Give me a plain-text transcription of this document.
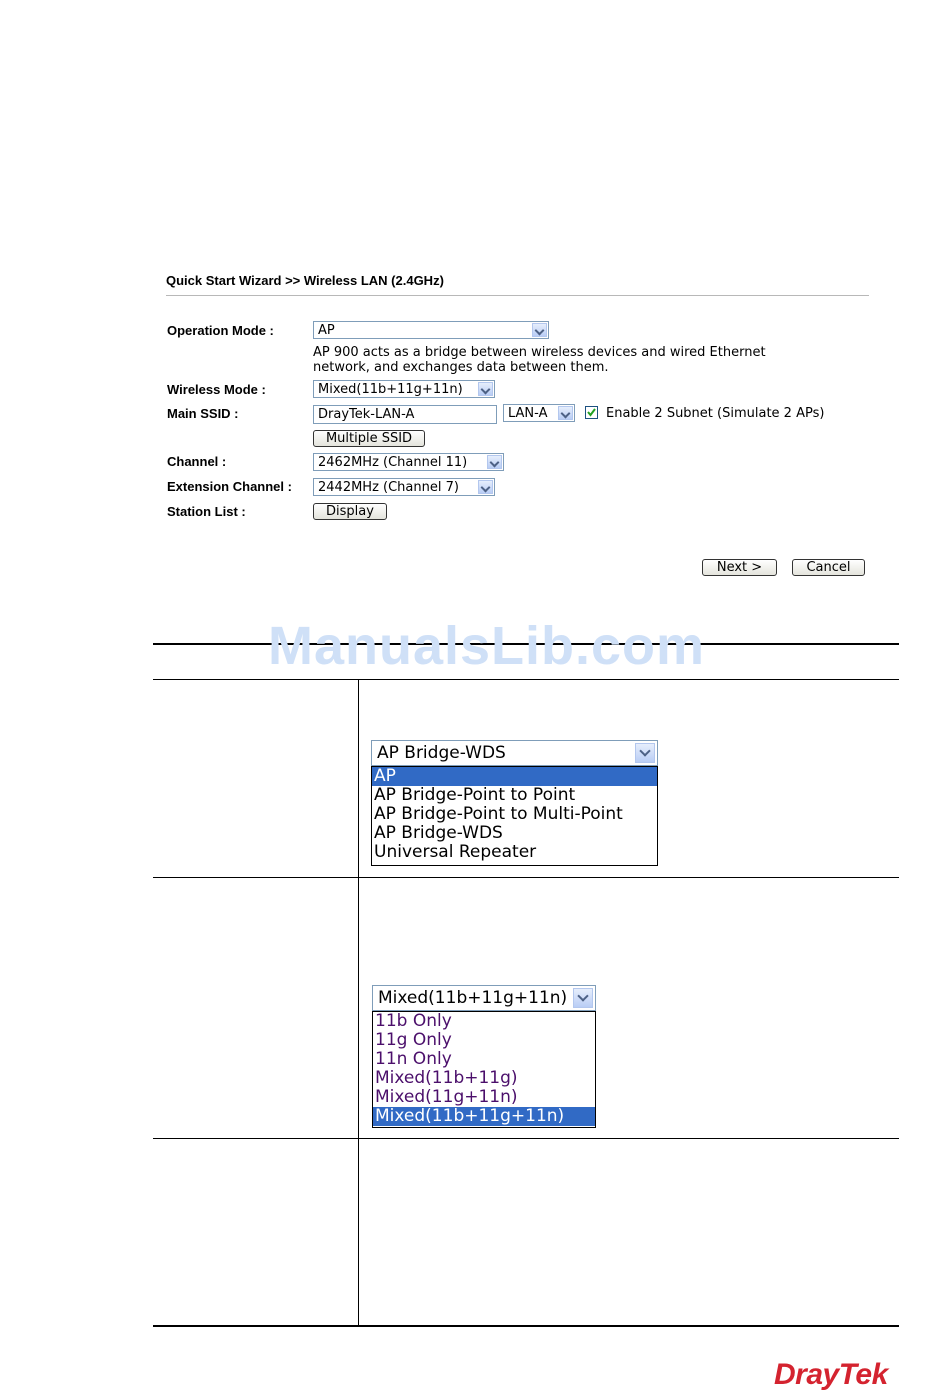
Quick Start Wizard >> Wireless LAN (2.4GHz)
Operation Mode :	AP
AP 900 acts as a bridge between wireless devices and wired Ethernet
network, and exchanges data between them.
Wireless Mode :	Mixed(11b+11g+11n)
Main SSID :	DrayTek-LAN-A	LAN-A	Enable 2 Subnet (Simulate 2 APs)
Multiple SSID
Channel :	2462MHz (Channel 11)
Extension Channel : 2442MHz (Channel 7)
Station List :	Display
Next >	Cancel
ManualsLib.com
AP Bridge-WDS
AP
AP Bridge-Point to Point
AP Bridge-Point to Multi-Point
AP Bridge-WDS
Universal Repeater
Mixed(11b+11g+11n)
11b Only
11g Only
11n Only
Mixed(11b+11g)
Mixed(11g+11n)
Mixed(11b+11g+11n)
DrayTek
